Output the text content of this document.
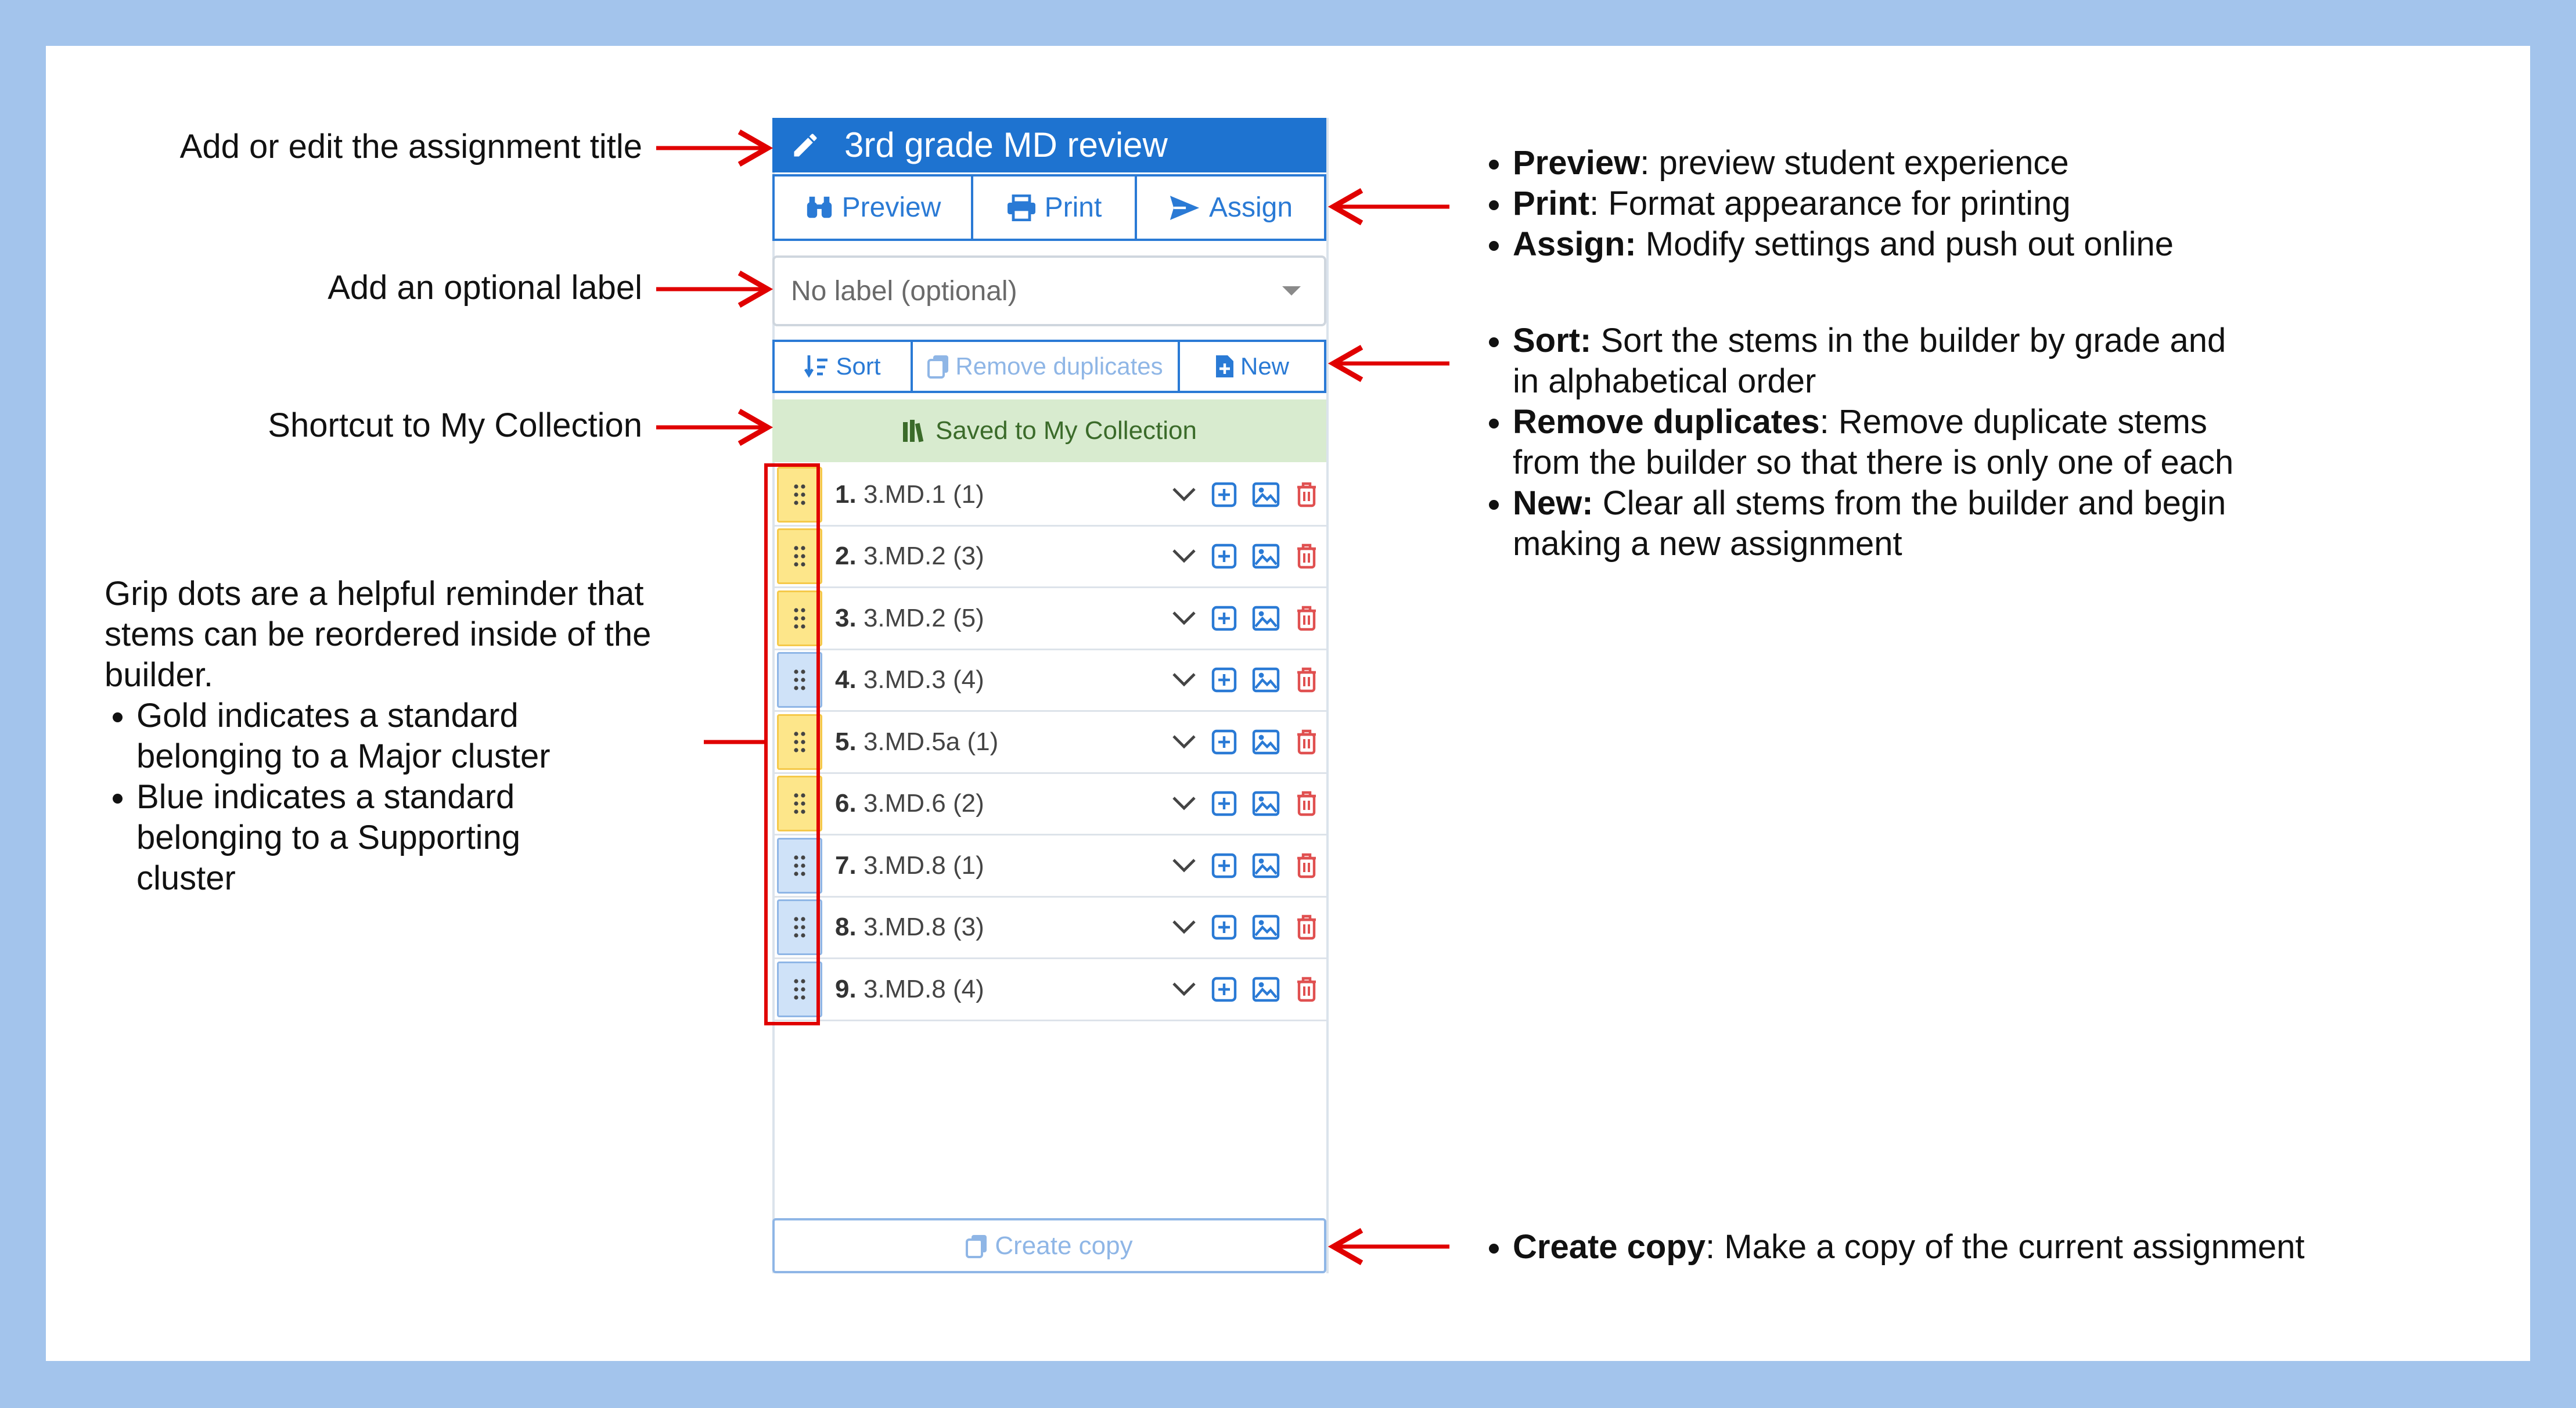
Add or edit the assignment title
Add an optional label
Shortcut to My Collection
Grip dots are a helpful reminder that stems can be reordered inside of the builder.
• Gold indicates a standard belonging to a Major cluster
• Blue indicates a standard belonging to a Supporting cluster
• Preview: preview student experience
• Print: Format appearance for printing
• Assign: Modify settings and push out online
• Sort: Sort the stems in the builder by grade and in alphabetical order
• Remove duplicates: Remove duplicate stems from the builder so that there is only one of each
• New: Clear all stems from the builder and begin making a new assignment
• Create copy: Make a copy of the current assignment
3rd grade MD review
Preview	Print	Assign
No label (optional)
Sort	Remove duplicates	New
Saved to My Collection
1. 3.MD.1 (1)
2. 3.MD.2 (3)
3. 3.MD.2 (5)
4. 3.MD.3 (4)
5. 3.MD.5a (1)
6. 3.MD.6 (2)
7. 3.MD.8 (1)
8. 3.MD.8 (3)
9. 3.MD.8 (4)
Create copy
